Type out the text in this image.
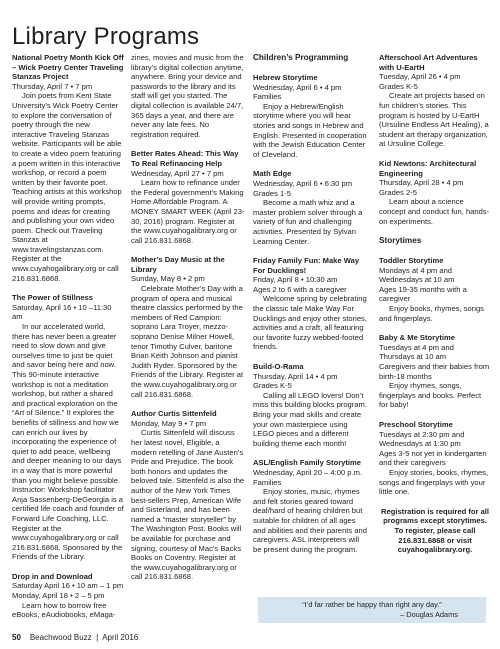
Library Programs

National Poetry Month Kick Off – Wick Poetry Center Traveling Stanzas Project

Thursday, April 7 • 7 pm

Join poets from Kent State University’s Wick Poetry Center to explore the conversation of poetry through the new interactive Traveling Stanzas website. Participants will be able to create a video poem featuring a poem written in this interactive workshop, or record a poem written by their favorite poet. Teaching artists at this workshop will provide writing prompts, poems and ideas for creating and publishing your own video poem. Check out Traveling Stanzas at www.travelingstanzas.com. Register at the www.cuyahogalibrary.org or call 216.831.6868.

The Power of Stillness

Saturday, April 16 • 10 –11:30 am

In our accelerated world, there has never been a greater need to slow down and give ourselves time to just be quiet and savor being here and now. This 90-minute interactive workshop is not a meditation workshop, but rather a shared and practical exploration on the “Art of Silence.” It explores the benefits of stillness and how we can enrich our lives by incorporating the experience of quiet to add peace, wellbeing and deeper meaning to our days in a way that is more powerful than you might believe possible. Instructor: Workshop facilitator Anja Sassenberg-DeGeorgia is a certified life coach and founder of Forward Life Coaching, LLC. Register at the www.cuyahogalibrary.org or call 216.831.6868. Sponsored by the Friends of the Library.

Drop in and Download

Saturday April 16 • 10 am – 1 pm

Monday, April 18 • 2 – 5 pm

Learn how to borrow free eBooks, eAudiobooks, eMaga-

zines, movies and music from the library’s digital collection anytime, anywhere. Bring your device and passwords to the library and its staff will get you started. The digital collection is available 24/7, 365 days a year, and there are never any late fees. No registration required.

Better Rates Ahead: This Way To Real Refinancing Help

Wednesday, April 27 • 7 pm

Learn how to refinance under the Federal government’s Making Home Affordable Program. A MONEY SMART WEEK (April 23-30, 2016) program. Register at the www.cuyahogalibrary.org or call 216.831.6868.

Mother’s Day Music at the Library

Sunday, May 8 • 2 pm

Celebrate Mother’s Day with a program of opera and musical theatre classics performed by the members of Red Campion: soprano Lara Troyer, mezzo-soprano Denise Milner Howell, tenor Timothy Culver, baritone Brian Keith Johnson and pianist Judith Ryder. Sponsored by the Friends of the Library. Register at the www.cuyahogalibrary.org or call 216.831.6868.

Author Curtis Sittenfeld

Monday, May 9 • 7 pm

Curtis Sittenfeld will discuss her latest novel, Eligible, a modern retelling of Jane Austen’s Pride and Prejudice. The book both honors and updates the beloved tale. Sittenfeld is also the author of the New York Times best-sellers Prep, American Wife and Sisterland, and has been named a “master storyteller” by The Washington Post. Books will be available for purchase and signing, courtesy of Mac’s Backs Books on Coventry. Register at the www.cuyahogalibrary.org or call 216.831.6868.

Children’s Programming

Hebrew Storytime

Wednesday, April 6 • 4 pm

Families

Enjoy a Hebrew/English storytime where you will hear stories and songs in Hebrew and English. Presented in cooperation with the Jewish Education Center of Cleveland.

Math Edge

Wednesday, April 6 • 6:30 pm

Grades 1-5

Become a math whiz and a master problem solver through a variety of fun and challenging activities. Presented by Sylvan Learning Center.

Friday Family Fun: Make Way For Ducklings!

Friday, April 8 • 10:30 am

Ages 2 to 6 with a caregiver

Welcome spring by celebrating the classic tale Make Way For Ducklings and enjoy other stories, activities and a craft, all featuring our favorite fuzzy webbed-footed friends.

Build-O-Rama

Thursday, April 14 • 4 pm

Grades K-5

Calling all LEGO lovers! Don’t miss this building blocks program. Bring your mad skills and create your own masterpiece using LEGO pieces and a different building theme each month!

ASL/English Family Storytime

Wednesday, April 20 – 4:00 p.m.

Families

Enjoy stories, music, rhymes and felt stories geared toward deaf/hard of hearing children but suitable for children of all ages and abilities and their parents and caregivers. ASL interpreters will be present during the program.

Afterschool Art Adventures with U-EartH

Tuesday, April 26 • 4 pm

Grades K-5

Create art projects based on fun children’s stories. This program is hosted by U-EartH (Ursuline Endless Art Healing), a student art therapy organization, at Ursuline College.

Kid Newtons: Architectural Engineering

Thursday, April 28 • 4 pm

Grades 2-5

Learn about a science concept and conduct fun, hands-on experiments.

Storytimes

Toddler Storytime

Mondays at 4 pm and

Wednesdays at 10 am

Ages 19-35 months with a caregiver

Enjoy books, rhymes, songs and fingerplays.

Baby & Me Storytime

Tuesdays at 4 pm and

Thursdays at 10 am

Caregivers and their babies from birth-18 months

Enjoy rhymes, songs, fingerplays and books. Perfect for baby!

Preschool Storytime

Tuesdays at 2:30 pm and

Wednesdays at 1:30 pm

Ages 3-5 not yet in kindergarten and their caregivers

Enjoy stories, books, rhymes, songs and fingerplays with your little one.

Registration is required for all programs except storytimes. To register, please call 216.831.6868 or visit cuyahogalibrary.org.

“I’d far rather be happy than right any day.”

– Douglas Adams

50 Beachwood Buzz  |  April 2016
